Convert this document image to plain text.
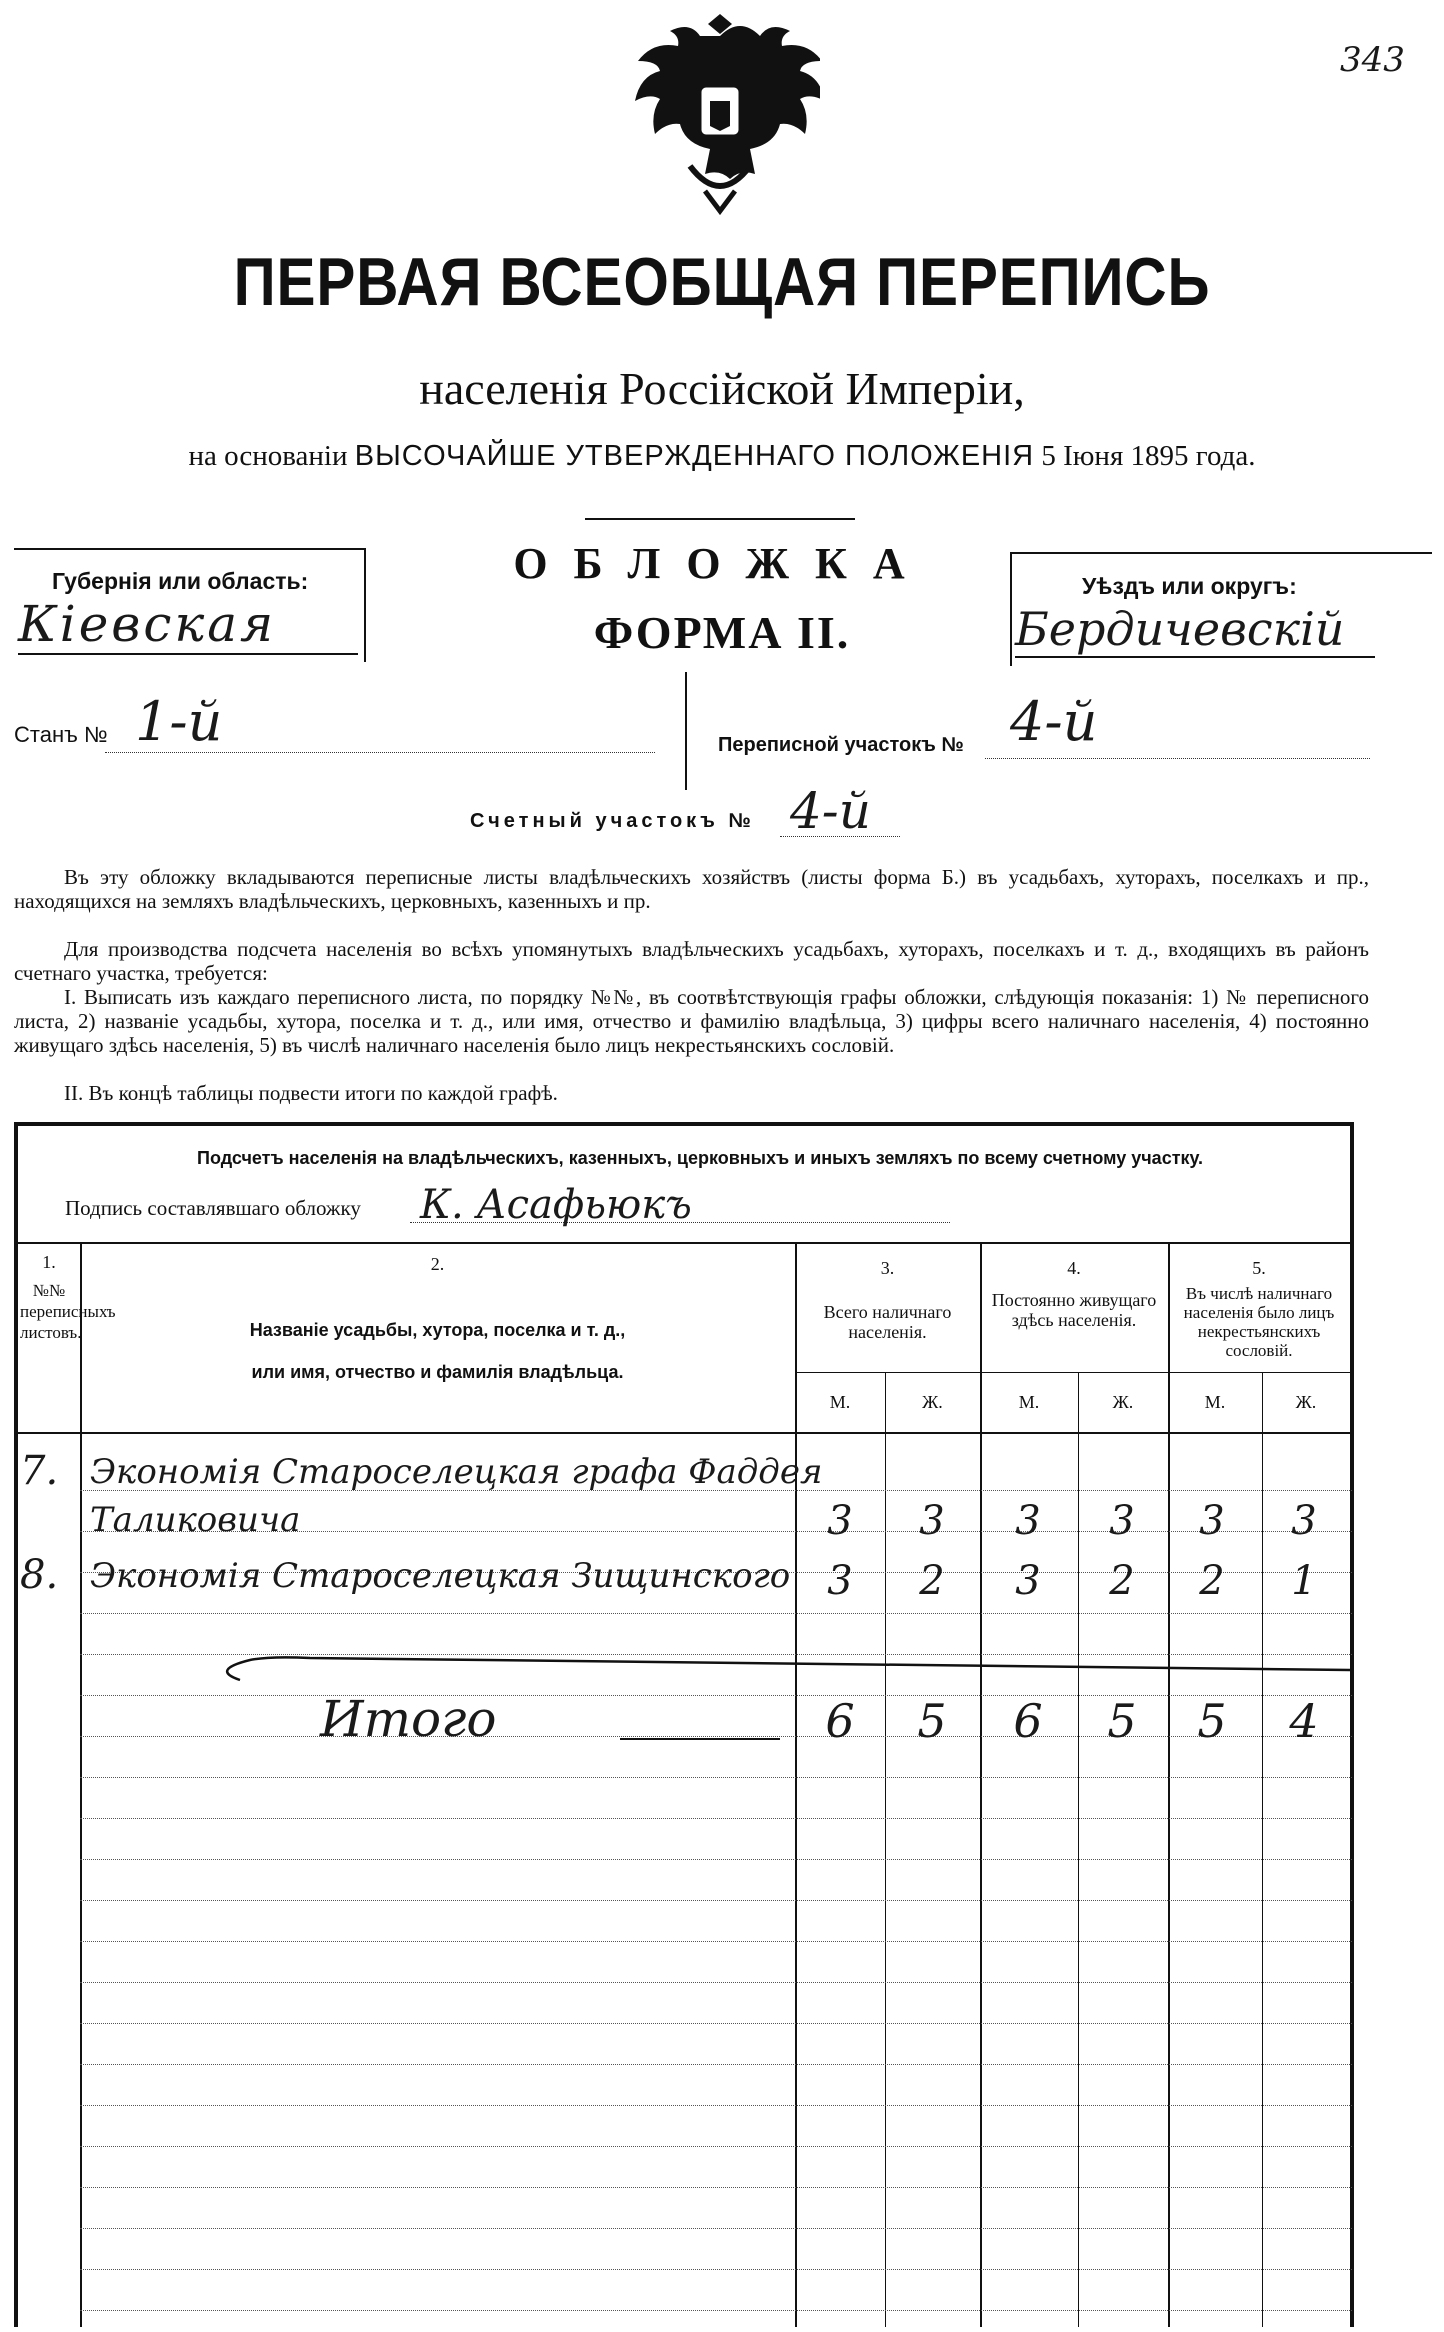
343
ПЕРВАЯ ВСЕОБЩАЯ ПЕРЕПИСЬ
населенія Россійской Имперіи,
на основаніи ВЫСОЧАЙШЕ УТВЕРЖДЕННАГО ПОЛОЖЕНІЯ 5 Іюня 1895 года.
Губернія или область:
Кіевская
ОБЛОЖКА
ФОРМА II.
Уѣздъ или округъ:
Бердичевскій
Станъ № 1-й	Переписной участокъ № 4-й
Счетный участокъ № 4-й
Въ эту обложку вкладываются переписные листы владѣльческихъ хозяйствъ (листы форма Б.) въ усадьбахъ, хуторахъ, поселкахъ и пр., находящихся на земляхъ владѣльческихъ, церковныхъ, казенныхъ и пр.
Для производства подсчета населенія во всѣхъ упомянутыхъ владѣльческихъ усадьбахъ, хуторахъ, поселкахъ и т. д., входящихъ въ районъ счетнаго участка, требуется:
I. Выписать изъ каждаго переписного листа, по порядку №№, въ соотвѣтствующія графы обложки, слѣдующія показанія: 1) № переписного листа, 2) названіе усадьбы, хутора, поселка и т. д., или имя, отчество и фамилію владѣльца, 3) цифры всего наличнаго населенія, 4) постоянно живущаго здѣсь населенія, 5) въ числѣ наличнаго населенія было лицъ некрестьянскихъ сословій.
II. Въ концѣ таблицы подвести итоги по каждой графѣ.
Подсчетъ населенія на владѣльческихъ, казенныхъ, церковныхъ и иныхъ земляхъ по всему счетному участку.
Подпись составлявшаго обложку К. Асафьюкъ
1.
№№ переписныхъ листовъ.
2.
Названіе усадьбы, хутора, поселка и т. д.,
или имя, отчество и фамилія владѣльца.
3.
Всего наличнаго населенія.
4.
Постоянно живущаго здѣсь населенія.
5.
Въ числѣ наличнаго населенія было лицъ некрестьянскихъ сословій.
М.	Ж.	М.	Ж.	М.	Ж.
7. Экономія Староселецкая графа Фаддея
Таликовича	3	3	3	3	3	3
8. Экономія Староселецкая Зищинского 3	2	3	2	2	1
Итого	6	5	6	5	5	4
